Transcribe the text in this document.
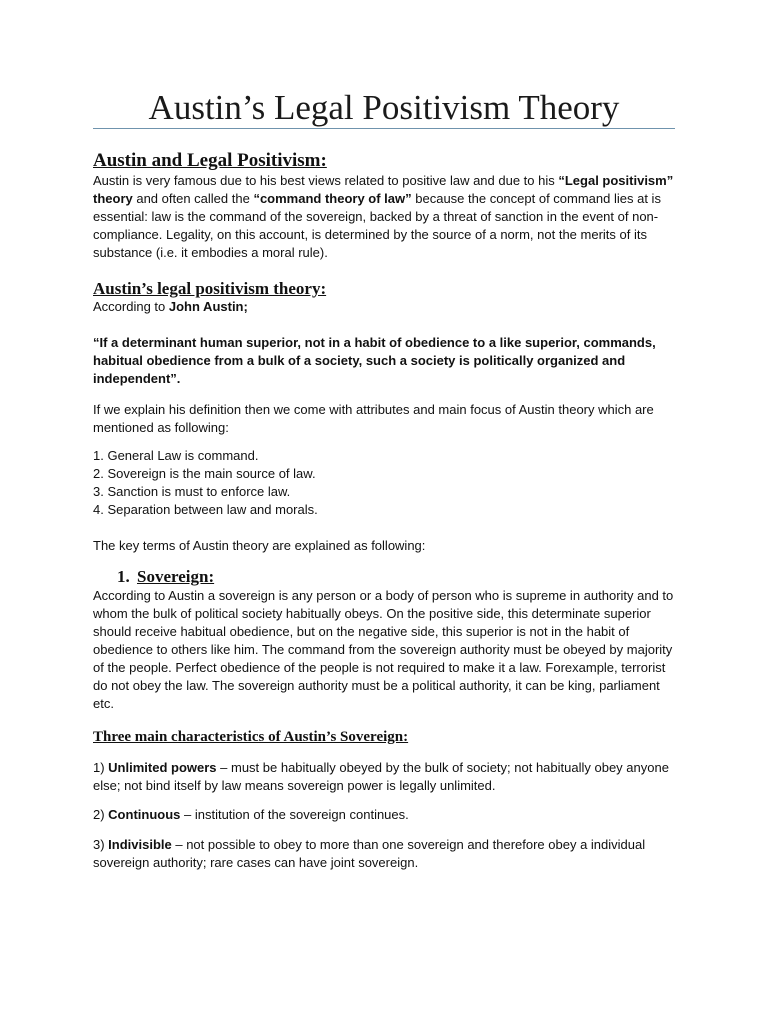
Austin’s Legal Positivism Theory
Austin and Legal Positivism:

Austin is very famous due to his best views related to positive law and due to his “Legal positivism” theory and often called the “command theory of law” because the concept of command lies at is essential: law is the command of the sovereign, backed by a threat of sanction in the event of non-compliance. Legality, on this account, is determined by the source of a norm, not the merits of its substance (i.e. it embodies a moral rule).

Austin’s legal positivism theory:

According to John Austin;

“If a determinant human superior, not in a habit of obedience to a like superior, commands, habitual obedience from a bulk of a society, such a society is politically organized and independent”.

If we explain his definition then we come with attributes and main focus of Austin theory which are mentioned as following:

1. General Law is command.
2. Sovereign is the main source of law.
3. Sanction is must to enforce law.
4. Separation between law and morals.

The key terms of Austin theory are explained as following:

1. Sovereign:

According to Austin a sovereign is any person or a body of person who is supreme in authority and to whom the bulk of political society habitually obeys. On the positive side, this determinate superior should receive habitual obedience, but on the negative side, this superior is not in the habit of obedience to others like him. The command from the sovereign authority must be obeyed by majority of the people. Perfect obedience of the people is not required to make it a law. Forexample, terrorist do not obey the law. The sovereign authority must be a political authority, it can be king, parliament etc.

Three main characteristics of Austin’s Sovereign:

1) Unlimited powers – must be habitually obeyed by the bulk of society; not habitually obey anyone else; not bind itself by law means sovereign power is legally unlimited.

2) Continuous – institution of the sovereign continues.

3) Indivisible – not possible to obey to more than one sovereign and therefore obey a individual sovereign authority; rare cases can have joint sovereign.
